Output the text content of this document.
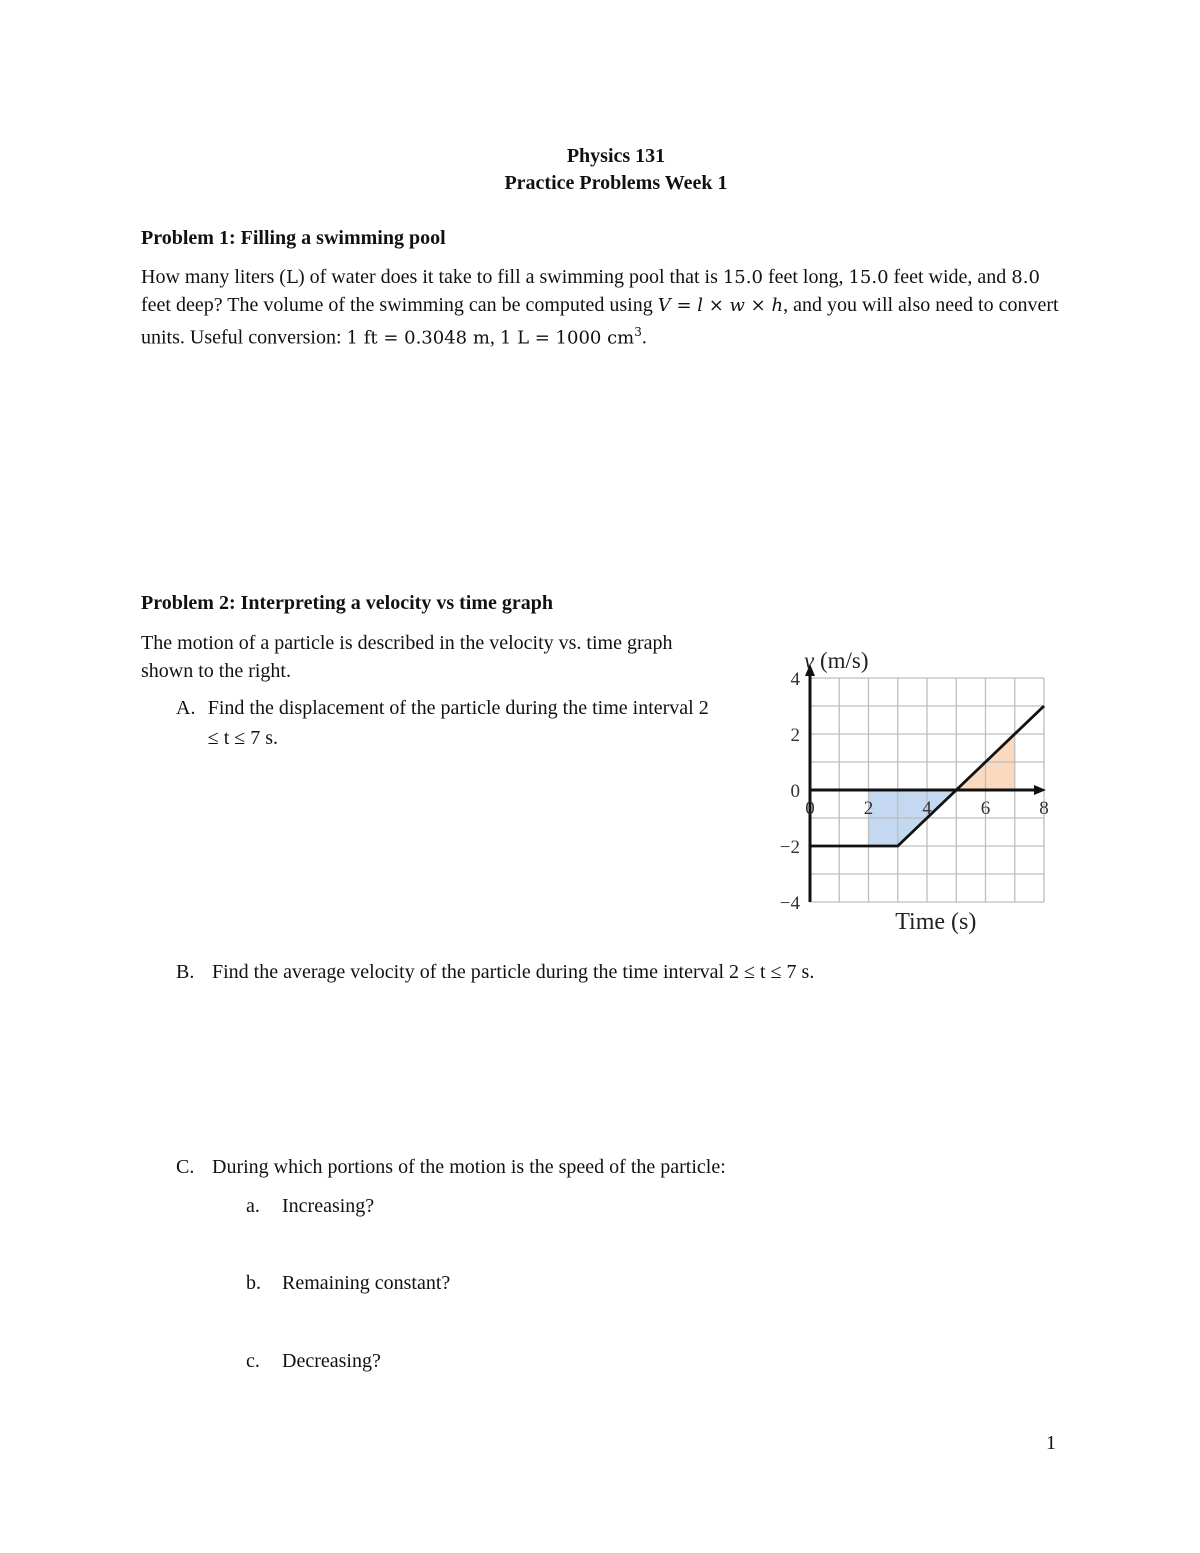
Physics 131
Practice Problems Week 1
Problem 1: Filling a swimming pool
How many liters (L) of water does it take to fill a swimming pool that is 15.0 feet long, 15.0 feet wide, and 8.0 feet deep? The volume of the swimming can be computed using V = l × w × h, and you will also need to convert units. Useful conversion: 1 ft = 0.3048 m, 1 L = 1000 $cm^3$.
Problem 2: Interpreting a velocity vs time graph
The motion of a particle is described in the velocity vs. time graph shown to the right.
A. Find the displacement of the particle during the time interval 2 ≤ t ≤ 7 s.
0	2	4	6	8
4
2
0
−2
−4
v (m/s)
Time (s)
B. Find the average velocity of the particle during the time interval 2 ≤ t ≤ 7 s.
C. During which portions of the motion is the speed of the particle:
a. Increasing?
b. Remaining constant?
c. Decreasing?
1
